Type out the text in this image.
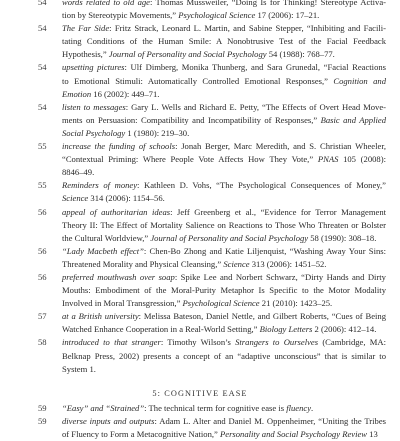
54 words related to old age: Thomas Mussweiler, “Doing Is for Thinking! Stereotype Activa-
tion by Stereotypic Movements,” Psychological Science 17 (2006): 17–21.

54 The Far Side: Fritz Strack, Leonard L. Martin, and Sabine Stepper, “Inhibiting and Facili-
tating Conditions of the Human Smile: A Nonobtrusive Test of the Facial Feedback
Hypothesis,” Journal of Personality and Social Psychology 54 (1988): 768–77.

54 upsetting pictures: Ulf Dimberg, Monika Thunberg, and Sara Grunedal, “Facial Reactions
to Emotional Stimuli: Automatically Controlled Emotional Responses,” Cognition and
Emotion 16 (2002): 449–71.

54 listen to messages: Gary L. Wells and Richard E. Petty, “The Effects of Overt Head Move-
ments on Persuasion: Compatibility and Incompatibility of Responses,” Basic and Applied
Social Psychology 1 (1980): 219–30.

55 increase the funding of schools: Jonah Berger, Marc Meredith, and S. Christian Wheeler,
“Contextual Priming: Where People Vote Affects How They Vote,” PNAS 105 (2008):
8846–49.

55 Reminders of money: Kathleen D. Vohs, “The Psychological Consequences of Money,”
Science 314 (2006): 1154–56.

56 appeal of authoritarian ideas: Jeff Greenberg et al., “Evidence for Terror Management
Theory II: The Effect of Mortality Salience on Reactions to Those Who Threaten or Bolster
the Cultural Worldview,” Journal of Personality and Social Psychology 58 (1990): 308–18.

56 “Lady Macbeth effect”: Chen-Bo Zhong and Katie Liljenquist, “Washing Away Your Sins:
Threatened Morality and Physical Cleansing,” Science 313 (2006): 1451–52.

56 preferred mouthwash over soap: Spike Lee and Norbert Schwarz, “Dirty Hands and Dirty
Mouths: Embodiment of the Moral-Purity Metaphor Is Specific to the Motor Modality
Involved in Moral Transgression,” Psychological Science 21 (2010): 1423–25.

57 at a British university: Melissa Bateson, Daniel Nettle, and Gilbert Roberts, “Cues of Being
Watched Enhance Cooperation in a Real-World Setting,” Biology Letters 2 (2006): 412–14.

58 introduced to that stranger: Timothy Wilson’s Strangers to Ourselves (Cambridge, MA:
Belknap Press, 2002) presents a concept of an “adaptive unconscious” that is similar to
System 1.

5: COGNITIVE EASE

59 “Easy” and “Strained”: The technical term for cognitive ease is fluency.

59 diverse inputs and outputs: Adam L. Alter and Daniel M. Oppenheimer, “Uniting the Tribes
of Fluency to Form a Metacognitive Nation,” Personality and Social Psychology Review 13
